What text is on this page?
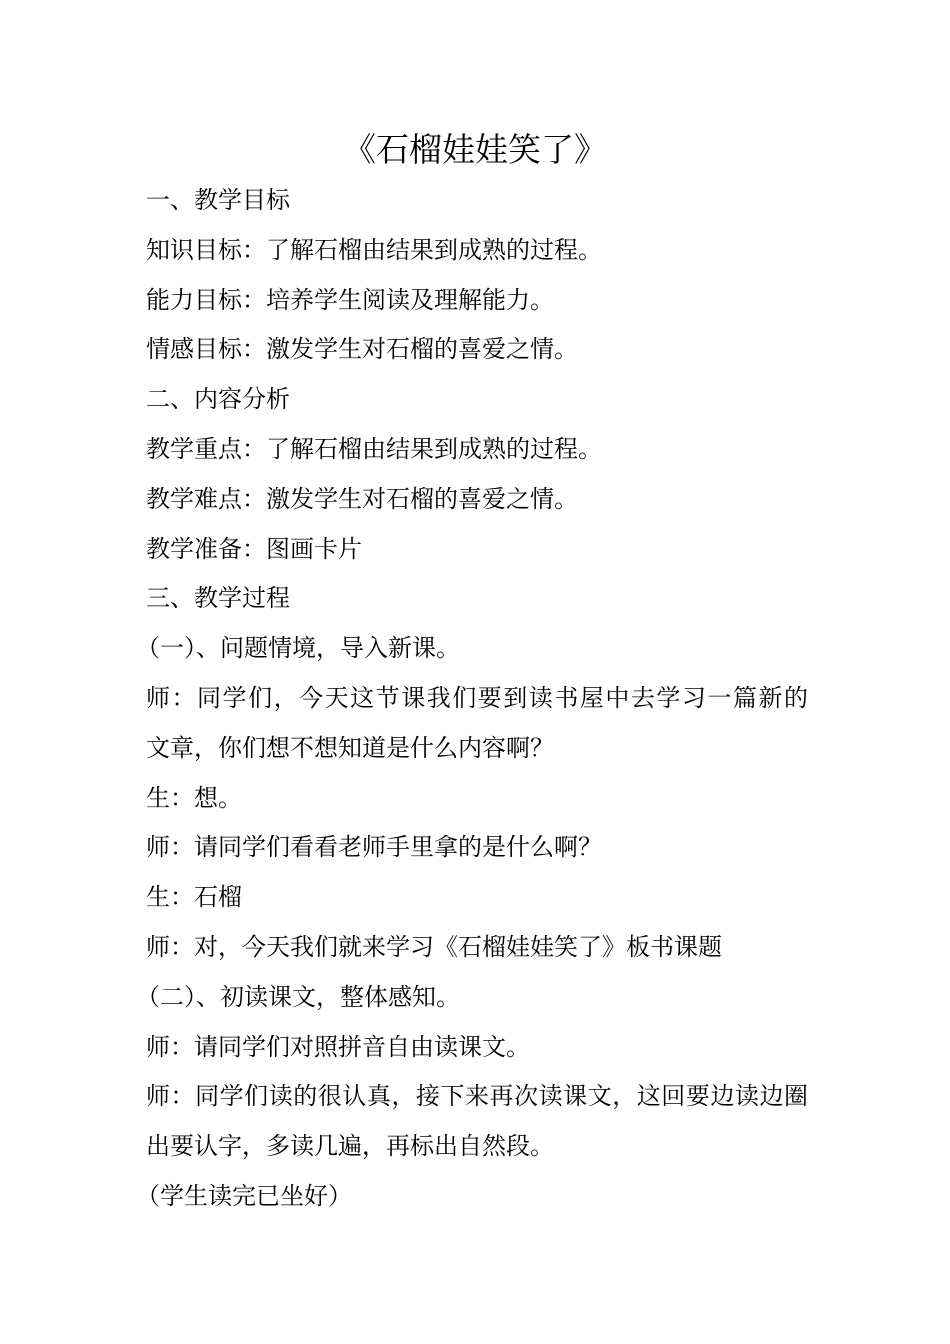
《石榴娃娃笑了》
一、教学目标
知识目标：了解石榴由结果到成熟的过程。
能力目标：培养学生阅读及理解能力。
情感目标：激发学生对石榴的喜爱之情。
二、内容分析
教学重点：了解石榴由结果到成熟的过程。
教学难点：激发学生对石榴的喜爱之情。
教学准备：图画卡片
三、教学过程
（一）、问题情境，导入新课。
师：同学们，今天这节课我们要到读书屋中去学习一篇新的
文章，你们想不想知道是什么内容啊？
生：想。
师：请同学们看看老师手里拿的是什么啊？
生：石榴
师：对，今天我们就来学习《石榴娃娃笑了》板书课题
（二）、初读课文，整体感知。
师：请同学们对照拼音自由读课文。
师：同学们读的很认真，接下来再次读课文，这回要边读边圈
出要认字，多读几遍，再标出自然段。
（学生读完已坐好）
